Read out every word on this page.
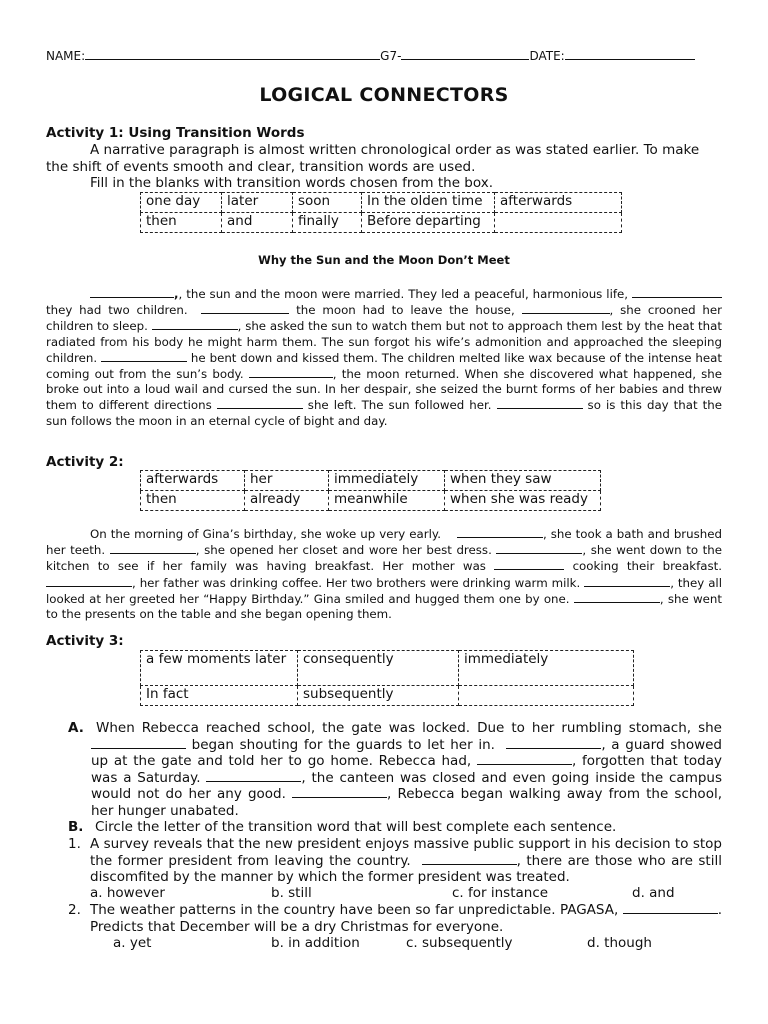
NAME:	G7-	DATE:
LOGICAL CONNECTORS
Activity 1: Using Transition Words

A narrative paragraph is almost written chronological order as was stated earlier. To make the shift of events smooth and clear, transition words are used.

Fill in the blanks with transition words chosen from the box.

one day	later	soon	In the olden time	afterwards
then	and	finally	Before departing	
Why the Sun and the Moon Don’t Meet
,, the sun and the moon were married. They led a peaceful, harmonious life,  they had two children.	the moon had to leave the house,	, she crooned her children to sleep.	, she asked the sun to watch them but not to approach them lest by the heat that radiated from his body he might harm them. The sun forgot his wife’s admonition and approached the sleeping children.	he bent down and kissed them. The children melted like wax because of the intense heat coming out from the sun’s body.	, the moon returned. When she discovered what happened, she broke out into a loud wail and cursed the sun. In her despair, she seized the burnt forms of her babies and threw them to different directions	she left. The sun followed her.	so is this day that the sun follows the moon in an eternal cycle of bight and day.
Activity 2:
afterwards	her	immediately	when they saw
then	already	meanwhile	when she was ready
On the morning of Gina’s birthday, she woke up very early.	, she took a bath and brushed her teeth.	, she opened her closet and wore her best dress.	, she went down to the kitchen to see if her family was having breakfast. Her mother was	cooking their breakfast. , her father was drinking coffee. Her two brothers were drinking warm milk.	, they all looked at her greeted her “Happy Birthday.” Gina smiled and hugged them one by one.	, she went to the presents on the table and she began opening them.
Activity 3:
a few moments later	consequently	immediately
In fact	subsequently	
A. When Rebecca reached school, the gate was locked. Due to her rumbling stomach, she  began shouting for the guards to let her in.	, a guard showed up at the gate and told her to go home. Rebecca had,	, forgotten that today was a Saturday.	, the canteen was closed and even going inside the campus would not do her any good.	, Rebecca began walking away from the school, her hunger unabated.
B. Circle the letter of the transition word that will best complete each sentence.
1. A survey reveals that the new president enjoys massive public support in his decision to stop the former president from leaving the country.	, there are those who are still discomfited by the manner by which the former president was treated.
a. however	b. still	c. for instance	d. and
2. The weather patterns in the country have been so far unpredictable. PAGASA,	. Predicts that December will be a dry Christmas for everyone.
a. yet	b. in addition	c. subsequently	d. though
